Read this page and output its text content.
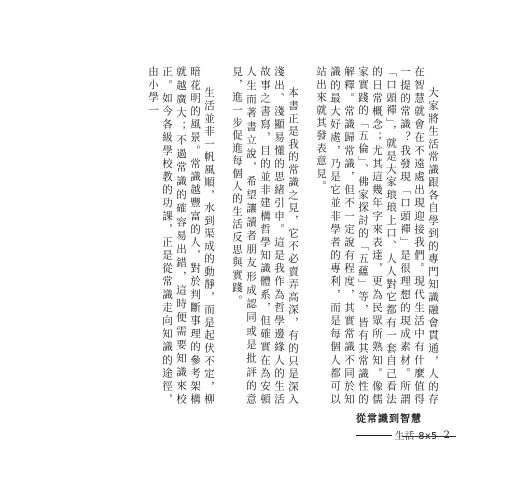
大家將生活常識跟各自學到的專門知識融會貫通，人的存在智慧就會在不遠處出現迎接我們。現代生活中有什麼值得一提的常識？我發現「口頭禪」是很理想的現成素材。所謂「口頭禪」，就是大家琅琅上口、人人對它都有一套自己看法的日常概念；尤其這幾年字來表達，更為民眾所熟知。像儒家實踐的「五倫」、佛家探討的「五蘊」等，皆有其常識性的解釋。常識歸常識，但不一定說有程度，其實常識不同於知識的最大好處，乃是它並非學者的專利，而是每個人都可以站出來就其發表意見。

本書正是我的常識之見，它不必賣弄高深，有的只是深入淺出、淺顯易懂的思緒引申。這是我作為哲學邊緣人的生活故事之書寫，目的並非建構哲學知識體系，但確實在為安頓人生而著書立說，希望讓讀者朋友形成認同或是批評的意見，進一步促進每個人的生活反思與實踐。

生活並非一帆風順，水到渠成的動靜，而是起伏不定，柳暗花明的風景。常識越豐富的人，對於判斷事理的參考架構就越廣大；不過常識的確容易出錯，這時便需要知識來校正。如今各級學校教的功課，正是從常識走向知識的途徑，由小學一

從常識到智慧
生活 8x5 2
